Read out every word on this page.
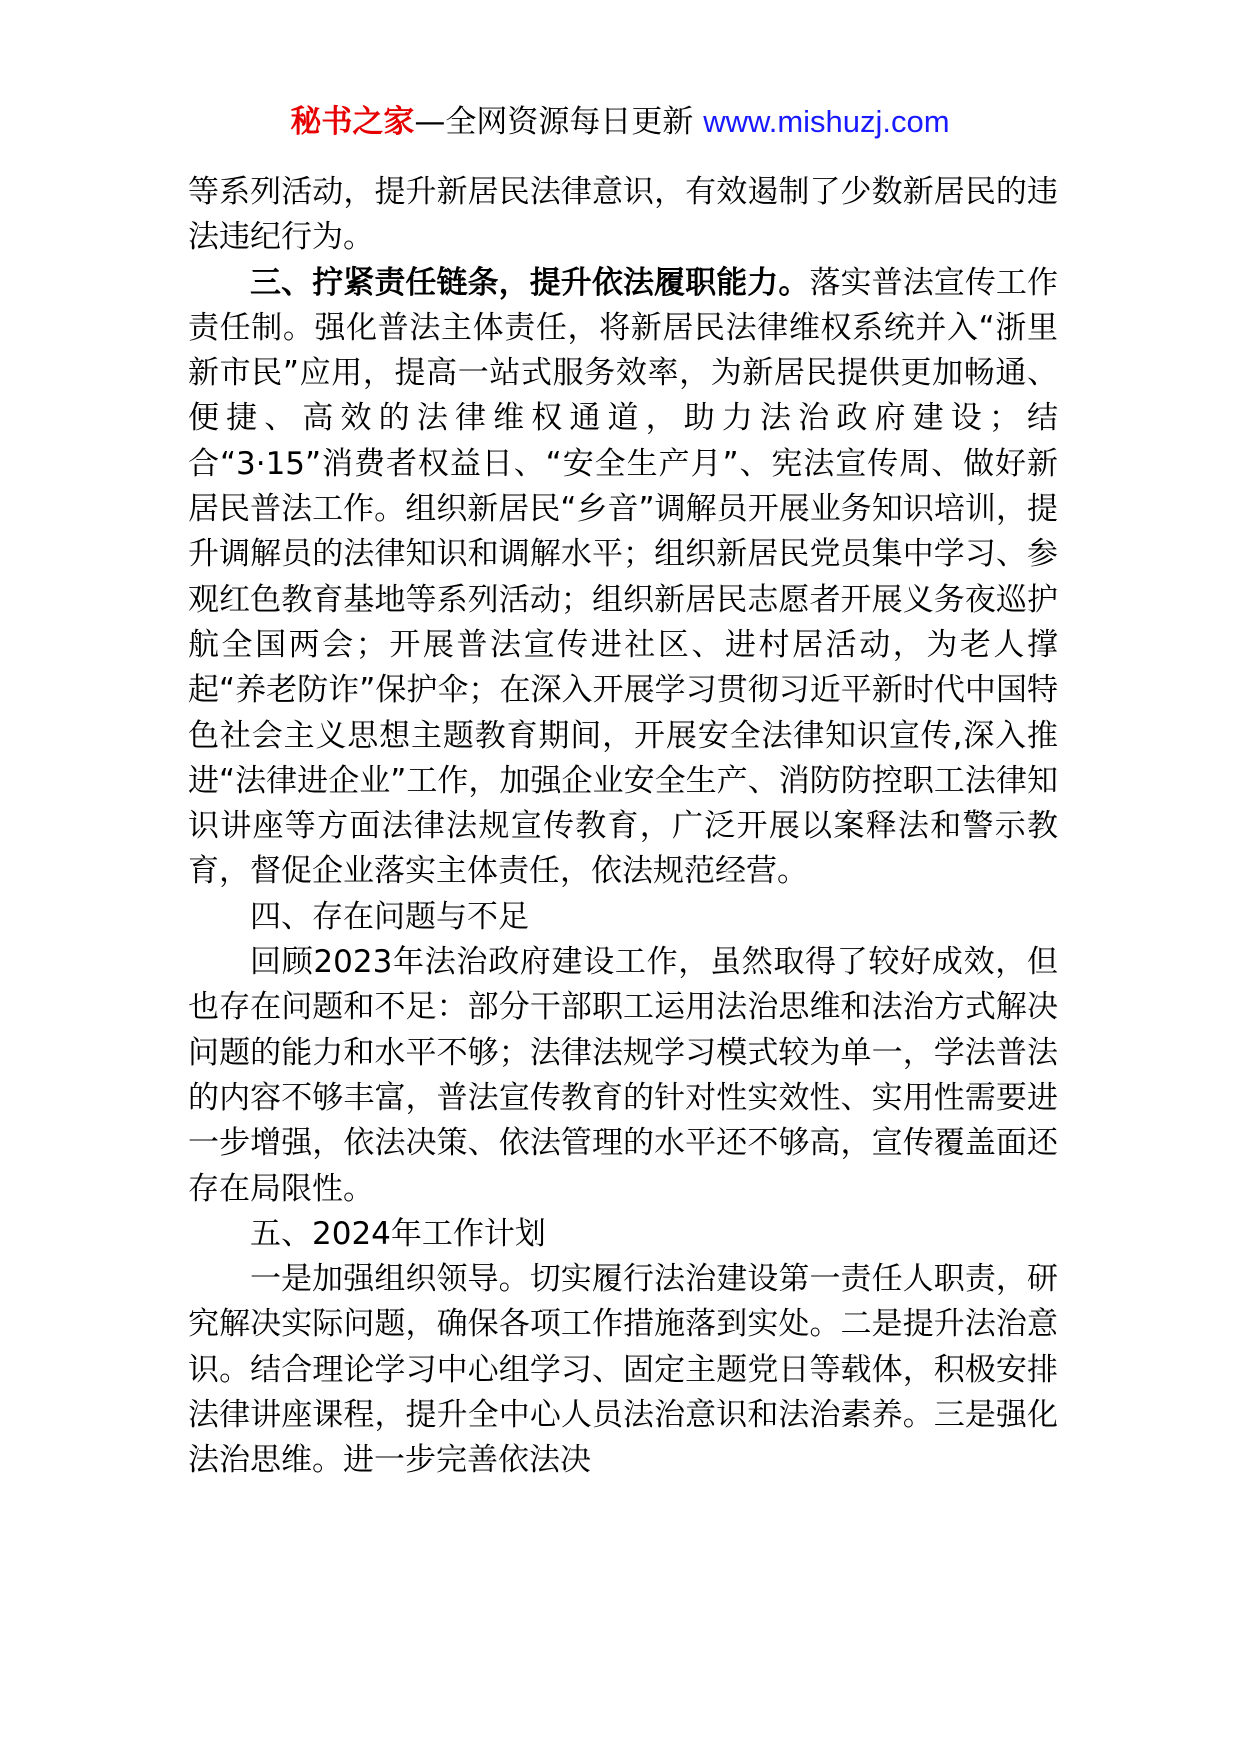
秘书之家—全网资源每日更新 www.mishuzj.com

等系列活动，提升新居民法律意识，有效遏制了少数新居民的违法违纪行为。

三、拧紧责任链条，提升依法履职能力。落实普法宣传工作责任制。强化普法主体责任，将新居民法律维权系统并入“浙里新市民”应用，提高一站式服务效率，为新居民提供更加畅通、便捷、高效的法律维权通道，助力法治政府建设；结合“3·15”消费者权益日、“安全生产月”、宪法宣传周、做好新居民普法工作。组织新居民“乡音”调解员开展业务知识培训，提升调解员的法律知识和调解水平；组织新居民党员集中学习、参观红色教育基地等系列活动；组织新居民志愿者开展义务夜巡护航全国两会；开展普法宣传进社区、进村居活动，为老人撑起“养老防诈”保护伞；在深入开展学习贯彻习近平新时代中国特色社会主义思想主题教育期间，开展安全法律知识宣传,深入推进“法律进企业”工作，加强企业安全生产、消防防控职工法律知识讲座等方面法律法规宣传教育，广泛开展以案释法和警示教育，督促企业落实主体责任，依法规范经营。

四、存在问题与不足

回顾2023年法治政府建设工作，虽然取得了较好成效，但也存在问题和不足：部分干部职工运用法治思维和法治方式解决问题的能力和水平不够；法律法规学习模式较为单一，学法普法的内容不够丰富，普法宣传教育的针对性实效性、实用性需要进一步增强，依法决策、依法管理的水平还不够高，宣传覆盖面还存在局限性。

五、2024年工作计划

一是加强组织领导。切实履行法治建设第一责任人职责，研究解决实际问题，确保各项工作措施落到实处。二是提升法治意识。结合理论学习中心组学习、固定主题党日等载体，积极安排法律讲座课程，提升全中心人员法治意识和法治素养。三是强化法治思维。进一步完善依法决
